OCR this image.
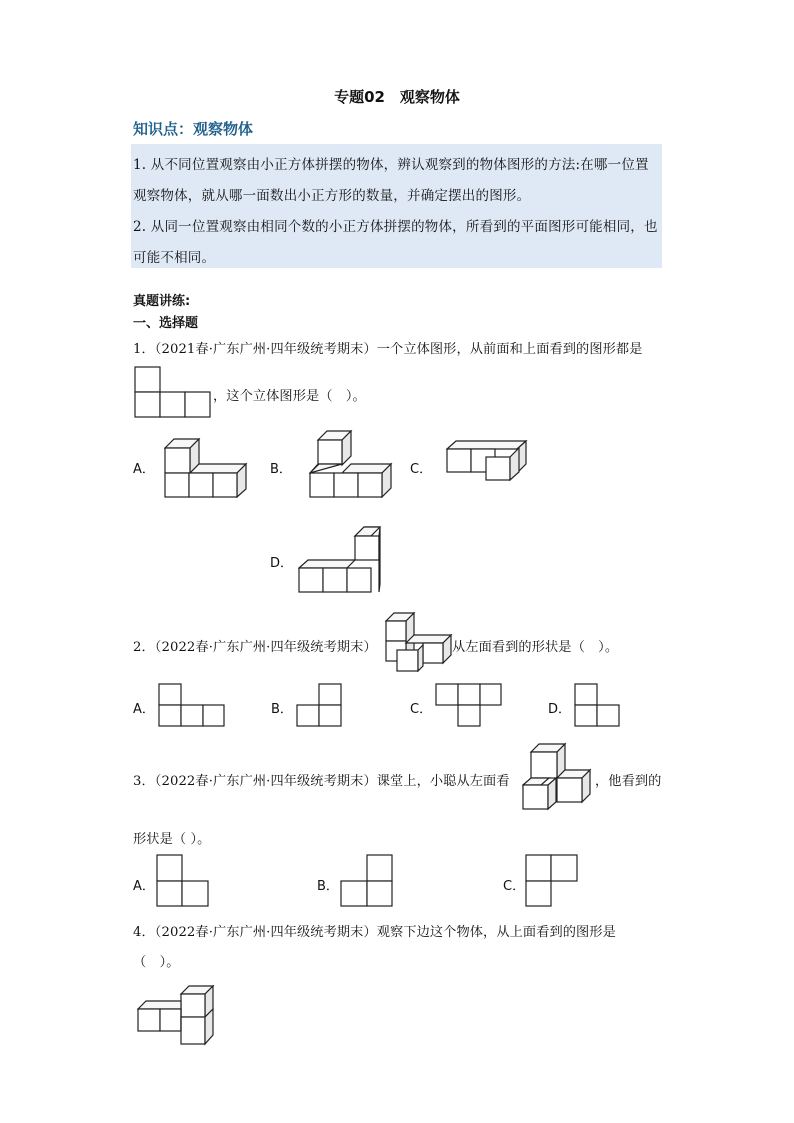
专题02　观察物体
知识点：观察物体
1. 从不同位置观察由小正方体拼摆的物体，辨认观察到的物体图形的方法:在哪一位置观察物体，就从哪一面数出小正方形的数量，并确定摆出的图形。
2. 从同一位置观察由相同个数的小正方体拼摆的物体，所看到的平面图形可能相同，也可能不相同。
真题讲练:
一、选择题
1．（2021春·广东广州·四年级统考期末）一个立体图形，从前面和上面看到的图形都是
，这个立体图形是（　）。
A．	B．	C．
D．
2．（2022春·广东广州·四年级统考期末）	从左面看到的形状是（　）。
A．	B．	C．	D．
3．（2022春·广东广州·四年级统考期末）课堂上，小聪从左面看	，他看到的
形状是（ ）。
A．	B．	C．
4．（2022春·广东广州·四年级统考期末）观察下边这个物体，从上面看到的图形是
（　）。
